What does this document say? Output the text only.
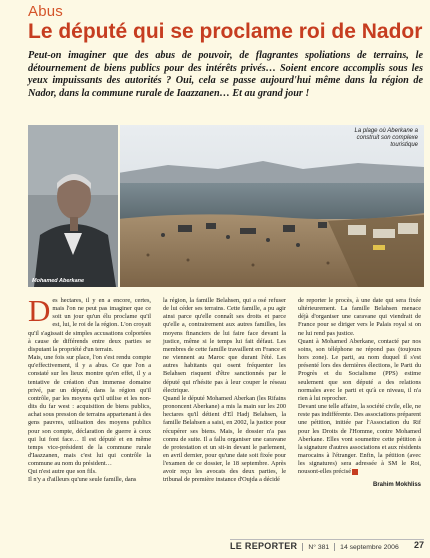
Abus
Le député qui se proclame roi de Nador
Peut-on imaginer que des abus de pouvoir, de flagrantes spoliations de terrains, le détournement de biens publics pour des intérêts privés… Soient encore accomplis sous les yeux impuissants des autorités ? Oui, cela se passe aujourd'hui même dans la région de Nador, dans la commune rurale de Iaazzanen… Et au grand jour !
Mohamed Aberkane
La plage où Aberkane a construit son complexe touristique

Des hectares, il y en a encore, certes, mais l'on ne peut pas imaginer que ce soit un jour qu'un élu proclame qu'il est, lui, le roi de la région. L'on croyait qu'il s'agissait de simples accusations colportées à cause de différends entre deux parties se disputant la propriété d'un terrain.

Mais, une fois sur place, l'on s'est rendu compte qu'effectivement, il y a abus. Ce que l'on a constaté sur les lieux montre qu'en effet, il y a tentative de création d'un immense domaine privé, par un député, dans la région qu'il contrôle, par les moyens qu'il utilise et les non-dits du far west : acquisition de biens publics, achat sous pression de terrains appartenant à des gens pauvres, utilisation des moyens publics pour son compte, déclaration de guerre à ceux qui lui font face… Il est député et en même temps vice-président de la commune rurale d'Iaazzanen, mais c'est lui qui contrôle la commune au nom du président…

Qui n'est autre que son fils.

Il n'y a d'ailleurs qu'une seule famille, dans

la région, la famille Belahsen, qui a osé refuser de lui céder ses terrains. Cette famille, a pu agir ainsi parce qu'elle connaît ses droits et parce qu'elle a, contrairement aux autres familles, les moyens financiers de lui faire face devant la justice, même si le temps lui fait défaut. Les membres de cette famille travaillent en France et ne viennent au Maroc que durant l'été. Les autres habitants qui osent fréquenter les Belahsen risquent d'être sanctionnés par le député qui n'hésite pas à leur couper le réseau électrique.

Quand le député Mohamed Aberkan (les Rifains prononcent Aberkane) a mis la main sur les 200 hectares qu'il détient d'El Hadj Belahsen, la famille Belahsen a saisi, en 2002, la justice pour récupérer ses biens. Mais, le dossier n'a pas connu de suite. Il a fallu organiser une caravane de protestation et un sit-in devant le parlement, en avril dernier, pour qu'une date soit fixée pour l'examen de ce dossier, le 18 septembre. Après avoir reçu les avocats des deux parties, le tribunal de première instance d'Oujda a décidé

de reporter le procès, à une date qui sera fixée ultérieurement. La famille Belahsen menace déjà d'organiser une caravane qui viendrait de France pour se diriger vers le Palais royal si on ne lui rend pas justice.

Quant à Mohamed Aberkane, contacté par nos soins, son téléphone ne répond pas (toujours hors zone). Le parti, au nom duquel il s'est présenté lors des dernières élections, le Parti du Progrès et du Socialisme (PPS) estime seulement que son député a des relations normales avec le parti et qu'à ce niveau, il n'a rien à lui reprocher.

Devant une telle affaire, la société civile, elle, ne reste pas indifférente. Des associations préparent une pétition, initiée par l'Association du Rif pour les Droits de l'Homme, contre Mohamed Aberkane. Elles vont soumettre cette pétition à la signature d'autres associations et aux résidents marocains à l'étranger. Enfin, la pétition (avec les signatures) sera adressée à SM le Roi, nousont-elles précisé

Brahim Mokhliss

LE REPORTER N° 381 14 septembre 2006 27
